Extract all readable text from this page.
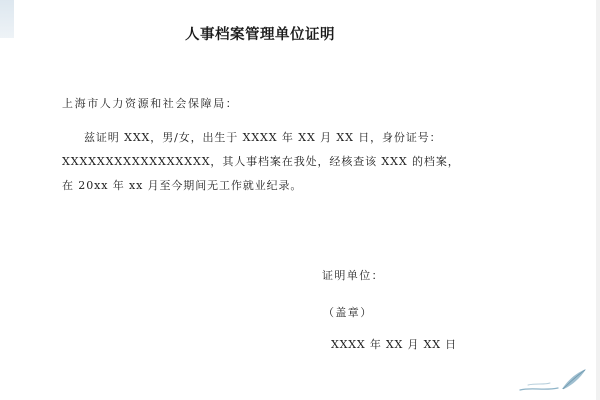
人事档案管理单位证明
上海市人力资源和社会保障局：
兹证明 XXX，男/女，出生于 XXXX 年 XX 月 XX 日，身份证号：
XXXXXXXXXXXXXXXXX，其人事档案在我处，经核查该 XXX 的档案，
在 20xx 年 xx 月至今期间无工作就业纪录。
证明单位：
（盖章）
XXXX 年 XX 月 XX 日
